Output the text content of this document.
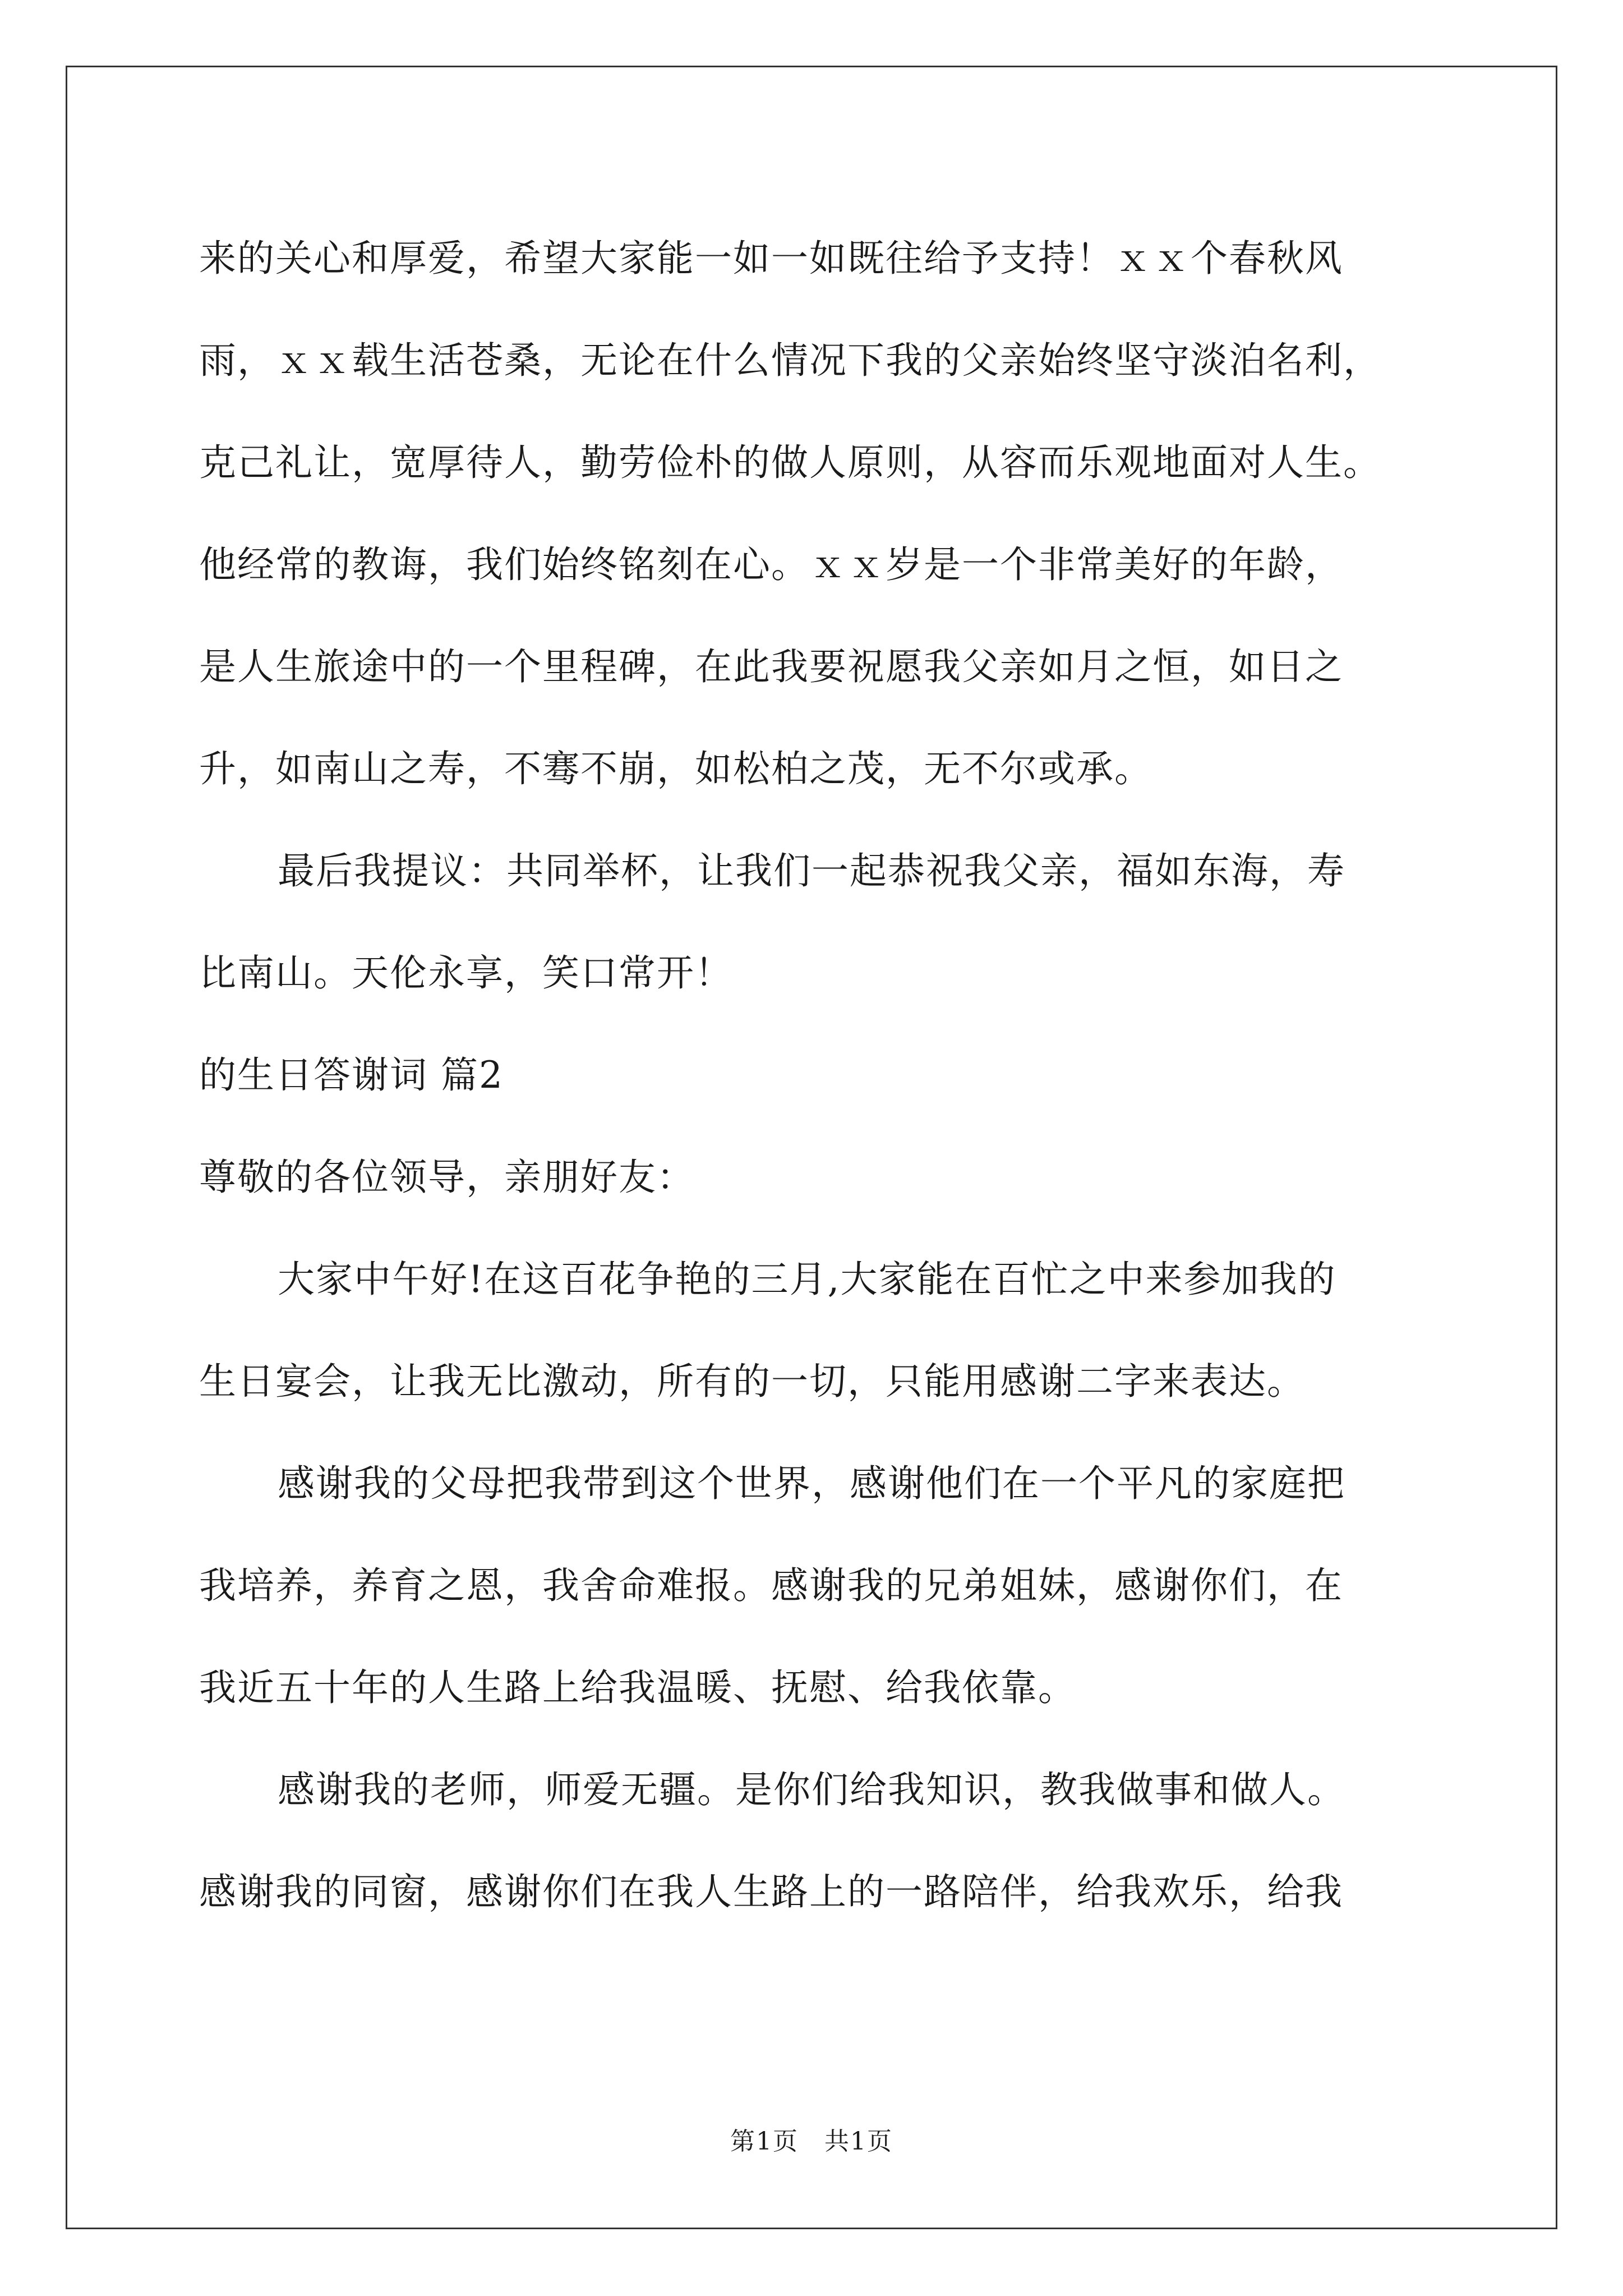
来的关心和厚爱，希望大家能一如一如既往给予支持！ｘｘ个春秋风
雨，ｘｘ载生活苍桑，无论在什么情况下我的父亲始终坚守淡泊名利，
克己礼让，宽厚待人，勤劳俭朴的做人原则，从容而乐观地面对人生。
他经常的教诲，我们始终铭刻在心。ｘｘ岁是一个非常美好的年龄，
是人生旅途中的一个里程碑，在此我要祝愿我父亲如月之恒，如日之
升，如南山之寿，不骞不崩，如松柏之茂，无不尔或承。
最后我提议：共同举杯，让我们一起恭祝我父亲，福如东海，寿
比南山。天伦永享，笑口常开！
的生日答谢词 篇2
尊敬的各位领导，亲朋好友：
大家中午好!在这百花争艳的三月,大家能在百忙之中来参加我的
生日宴会，让我无比激动，所有的一切，只能用感谢二字来表达。
感谢我的父母把我带到这个世界，感谢他们在一个平凡的家庭把
我培养，养育之恩，我舍命难报。感谢我的兄弟姐妹，感谢你们，在
我近五十年的人生路上给我温暖、抚慰、给我依靠。
感谢我的老师，师爱无疆。是你们给我知识，教我做事和做人。
感谢我的同窗，感谢你们在我人生路上的一路陪伴，给我欢乐，给我
第1页　共1页
